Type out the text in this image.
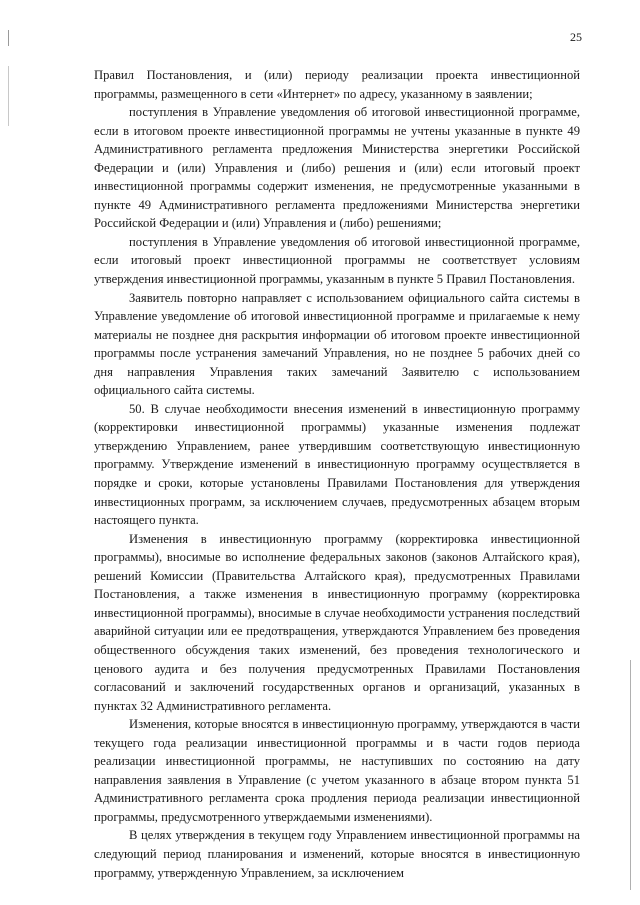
25

Правил Постановления, и (или) периоду реализации проекта инвестиционной программы, размещенного в сети «Интернет» по адресу, указанному в заявлении;

поступления в Управление уведомления об итоговой инвестиционной программе, если в итоговом проекте инвестиционной программы не учтены указанные в пункте 49 Административного регламента предложения Министерства энергетики Российской Федерации и (или) Управления и (либо) решения и (или) если итоговый проект инвестиционной программы содержит изменения, не предусмотренные указанными в пункте 49 Административного регламента предложениями Министерства энергетики Российской Федерации и (или) Управления и (либо) решениями;

поступления в Управление уведомления об итоговой инвестиционной программе, если итоговый проект инвестиционной программы не соответствует условиям утверждения инвестиционной программы, указанным в пункте 5 Правил Постановления.

Заявитель повторно направляет с использованием официального сайта системы в Управление уведомление об итоговой инвестиционной программе и прилагаемые к нему материалы не позднее дня раскрытия информации об итоговом проекте инвестиционной программы после устранения замечаний Управления, но не позднее 5 рабочих дней со дня направления Управления таких замечаний Заявителю с использованием официального сайта системы.

50. В случае необходимости внесения изменений в инвестиционную программу (корректировки инвестиционной программы) указанные изменения подлежат утверждению Управлением, ранее утвердившим соответствующую инвестиционную программу. Утверждение изменений в инвестиционную программу осуществляется в порядке и сроки, которые установлены Правилами Постановления для утверждения инвестиционных программ, за исключением случаев, предусмотренных абзацем вторым настоящего пункта.

Изменения в инвестиционную программу (корректировка инвестиционной программы), вносимые во исполнение федеральных законов (законов Алтайского края), решений Комиссии (Правительства Алтайского края), предусмотренных Правилами Постановления, а также изменения в инвестиционную программу (корректировка инвестиционной программы), вносимые в случае необходимости устранения последствий аварийной ситуации или ее предотвращения, утверждаются Управлением без проведения общественного обсуждения таких изменений, без проведения технологического и ценового аудита и без получения предусмотренных Правилами Постановления согласований и заключений государственных органов и организаций, указанных в пунктах 32 Административного регламента.

Изменения, которые вносятся в инвестиционную программу, утверждаются в части текущего года реализации инвестиционной программы и в части годов периода реализации инвестиционной программы, не наступивших по состоянию на дату направления заявления в Управление (с учетом указанного в абзаце втором пункта 51 Административного регламента срока продления периода реализации инвестиционной программы, предусмотренного утверждаемыми изменениями).

В целях утверждения в текущем году Управлением инвестиционной программы на следующий период планирования и изменений, которые вносятся в инвестиционную программу, утвержденную Управлением, за исключением
